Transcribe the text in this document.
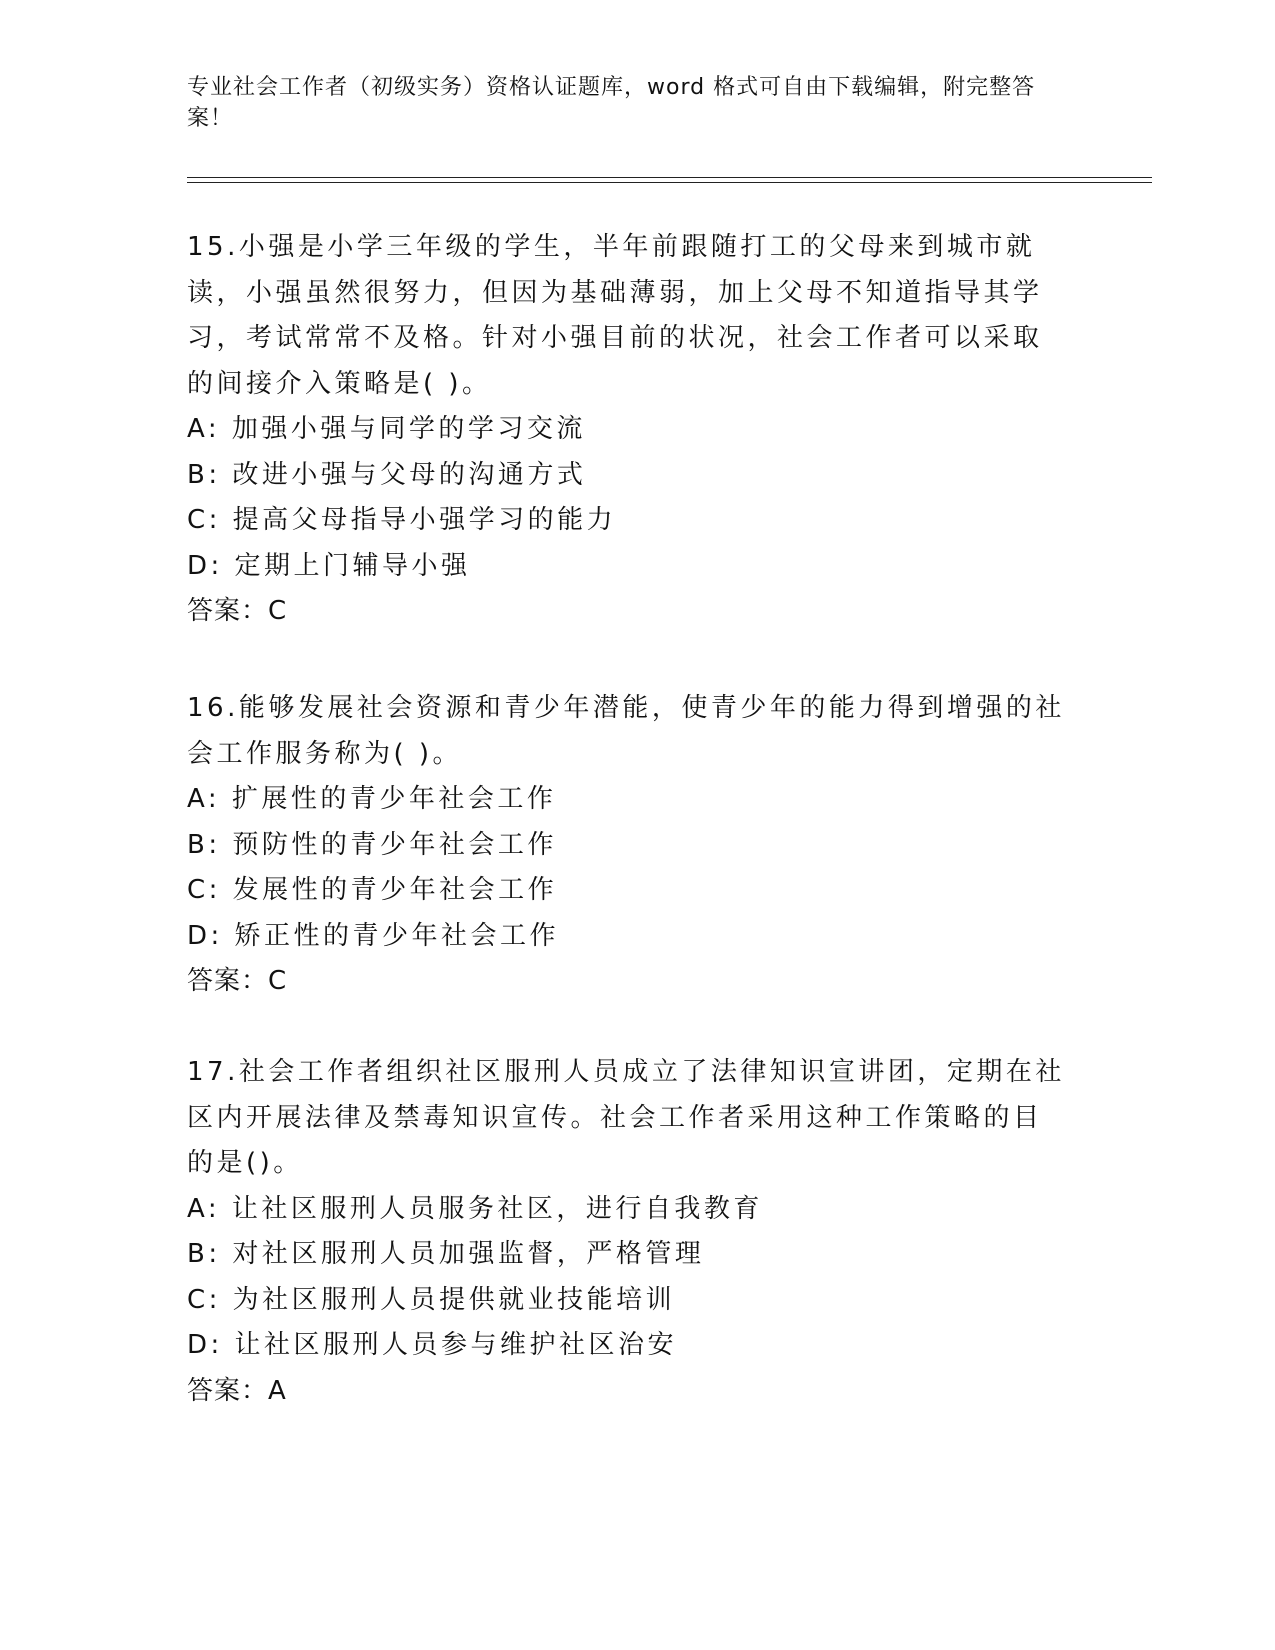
专业社会工作者（初级实务）资格认证题库，word 格式可自由下载编辑，附完整答案！

15.小强是小学三年级的学生，半年前跟随打工的父母来到城市就读，小强虽然很努力，但因为基础薄弱，加上父母不知道指导其学习，考试常常不及格。针对小强目前的状况，社会工作者可以采取的间接介入策略是( )。

A: 加强小强与同学的学习交流

B: 改进小强与父母的沟通方式

C: 提高父母指导小强学习的能力

D: 定期上门辅导小强

答案：C

16.能够发展社会资源和青少年潜能，使青少年的能力得到增强的社会工作服务称为( )。

A: 扩展性的青少年社会工作

B: 预防性的青少年社会工作

C: 发展性的青少年社会工作

D: 矫正性的青少年社会工作

答案：C

17.社会工作者组织社区服刑人员成立了法律知识宣讲团，定期在社区内开展法律及禁毒知识宣传。社会工作者采用这种工作策略的目的是()。

A: 让社区服刑人员服务社区，进行自我教育

B: 对社区服刑人员加强监督，严格管理

C: 为社区服刑人员提供就业技能培训

D: 让社区服刑人员参与维护社区治安

答案：A
